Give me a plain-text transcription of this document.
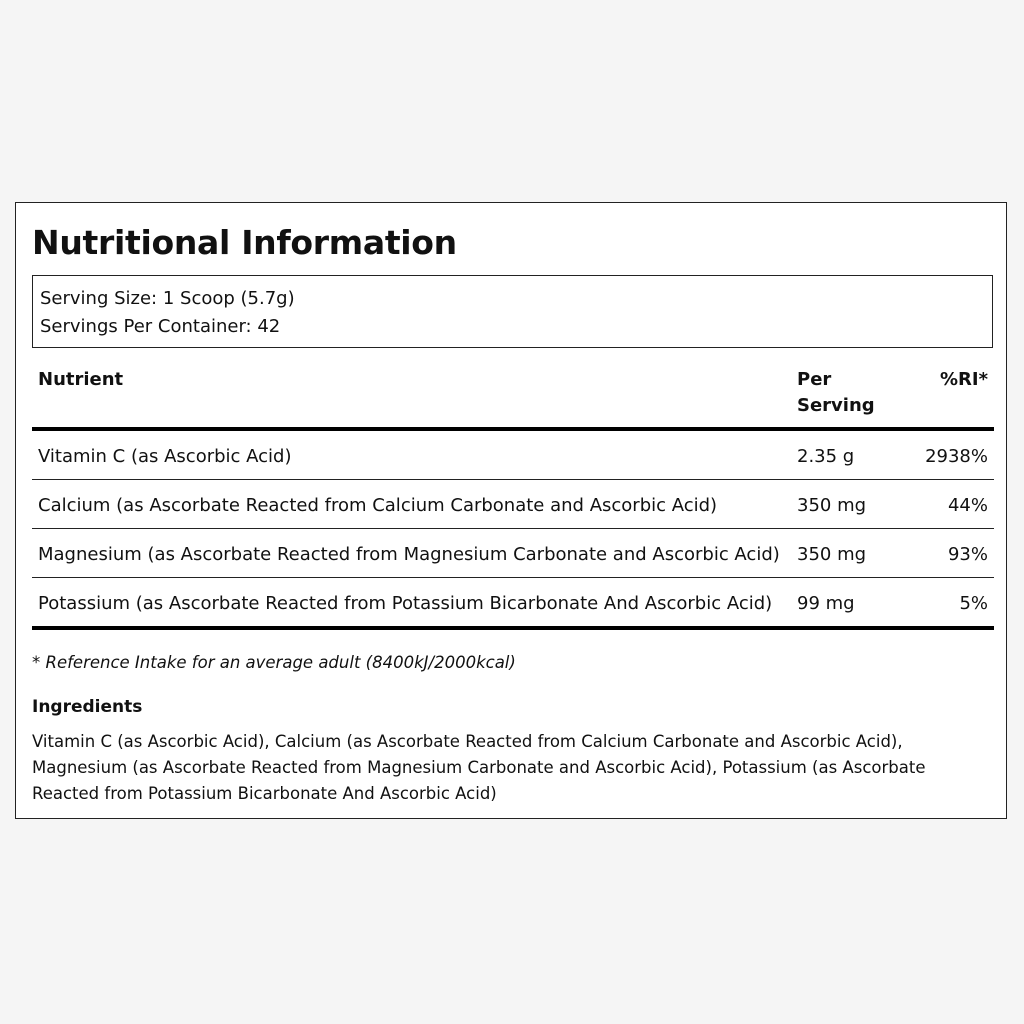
Nutritional Information
Serving Size: 1 Scoop (5.7g)
Servings Per Container: 42
Nutrient	Per Serving	%RI*
Vitamin C (as Ascorbic Acid)	2.35 g	2938%
Calcium (as Ascorbate Reacted from Calcium Carbonate and Ascorbic Acid)	350 mg	44%
Magnesium (as Ascorbate Reacted from Magnesium Carbonate and Ascorbic Acid)	350 mg	93%
Potassium (as Ascorbate Reacted from Potassium Bicarbonate And Ascorbic Acid)	99 mg	5%
* Reference Intake for an average adult (8400kJ/2000kcal)
Ingredients

Vitamin C (as Ascorbic Acid), Calcium (as Ascorbate Reacted from Calcium Carbonate and Ascorbic Acid), Magnesium (as Ascorbate Reacted from Magnesium Carbonate and Ascorbic Acid), Potassium (as Ascorbate Reacted from Potassium Bicarbonate And Ascorbic Acid)
